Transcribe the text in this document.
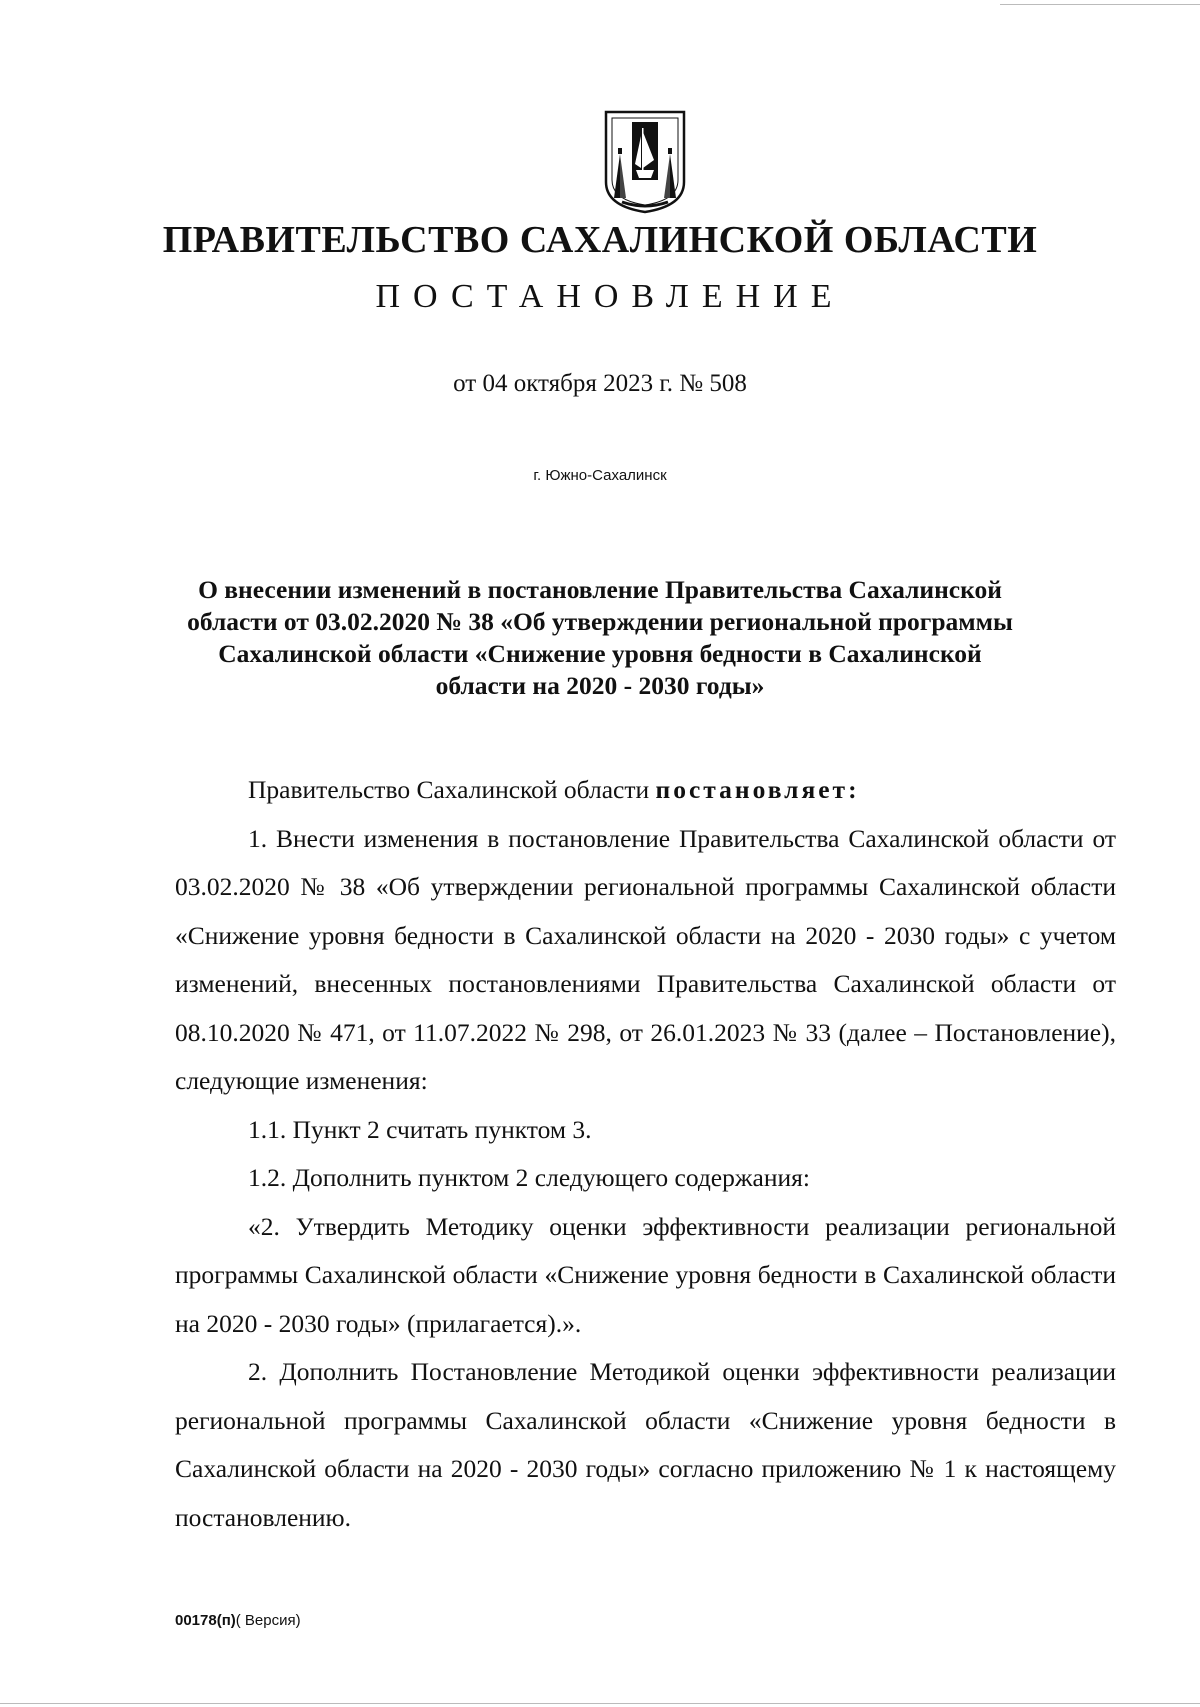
ПРАВИТЕЛЬСТВО САХАЛИНСКОЙ ОБЛАСТИ
ПОСТАНОВЛЕНИЕ
от 04 октября 2023 г. № 508
г. Южно-Сахалинск
О внесении изменений в постановление Правительства Сахалинской области от 03.02.2020 № 38 «Об утверждении региональной программы Сахалинской области «Снижение уровня бедности в Сахалинской области на 2020 - 2030 годы»

Правительство Сахалинской области постановляет:

1. Внести изменения в постановление Правительства Сахалинской области от 03.02.2020 № 38 «Об утверждении региональной программы Сахалинской области «Снижение уровня бедности в Сахалинской области на 2020 - 2030 годы» с учетом изменений, внесенных постановлениями Правительства Сахалинской области от 08.10.2020 № 471, от 11.07.2022 № 298, от 26.01.2023 № 33 (далее – Постановление), следующие изменения:

1.1. Пункт 2 считать пунктом 3.

1.2. Дополнить пунктом 2 следующего содержания:

«2. Утвердить Методику оценки эффективности реализации региональной программы Сахалинской области «Снижение уровня бедности в Сахалинской области на 2020 - 2030 годы» (прилагается).».

2. Дополнить Постановление Методикой оценки эффективности реализации региональной программы Сахалинской области «Снижение уровня бедности в Сахалинской области на 2020 - 2030 годы» согласно приложению № 1 к настоящему постановлению.

00178(п)( Версия)
